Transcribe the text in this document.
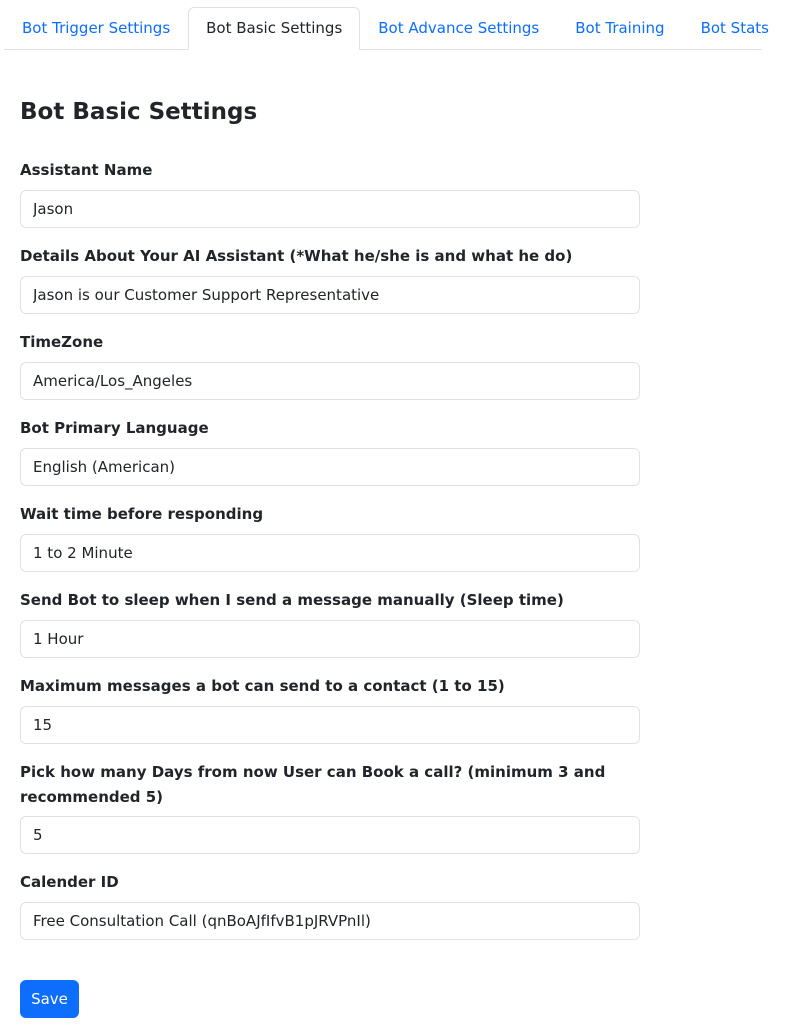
Bot Trigger Settings	Bot Basic Settings	Bot Advance Settings	Bot Training	Bot Stats
Bot Basic Settings
Assistant Name
Jason
Details About Your AI Assistant (*What he/she is and what he do)
Jason is our Customer Support Representative
TimeZone
America/Los_Angeles
Bot Primary Language
English (American)
Wait time before responding
1 to 2 Minute
Send Bot to sleep when I send a message manually (Sleep time)
1 Hour
Maximum messages a bot can send to a contact (1 to 15)
15
Pick how many Days from now User can Book a call? (minimum 3 and recommended 5)
5
Calender ID
Free Consultation Call (qnBoAJfIfvB1pJRVPnIl)
Save
